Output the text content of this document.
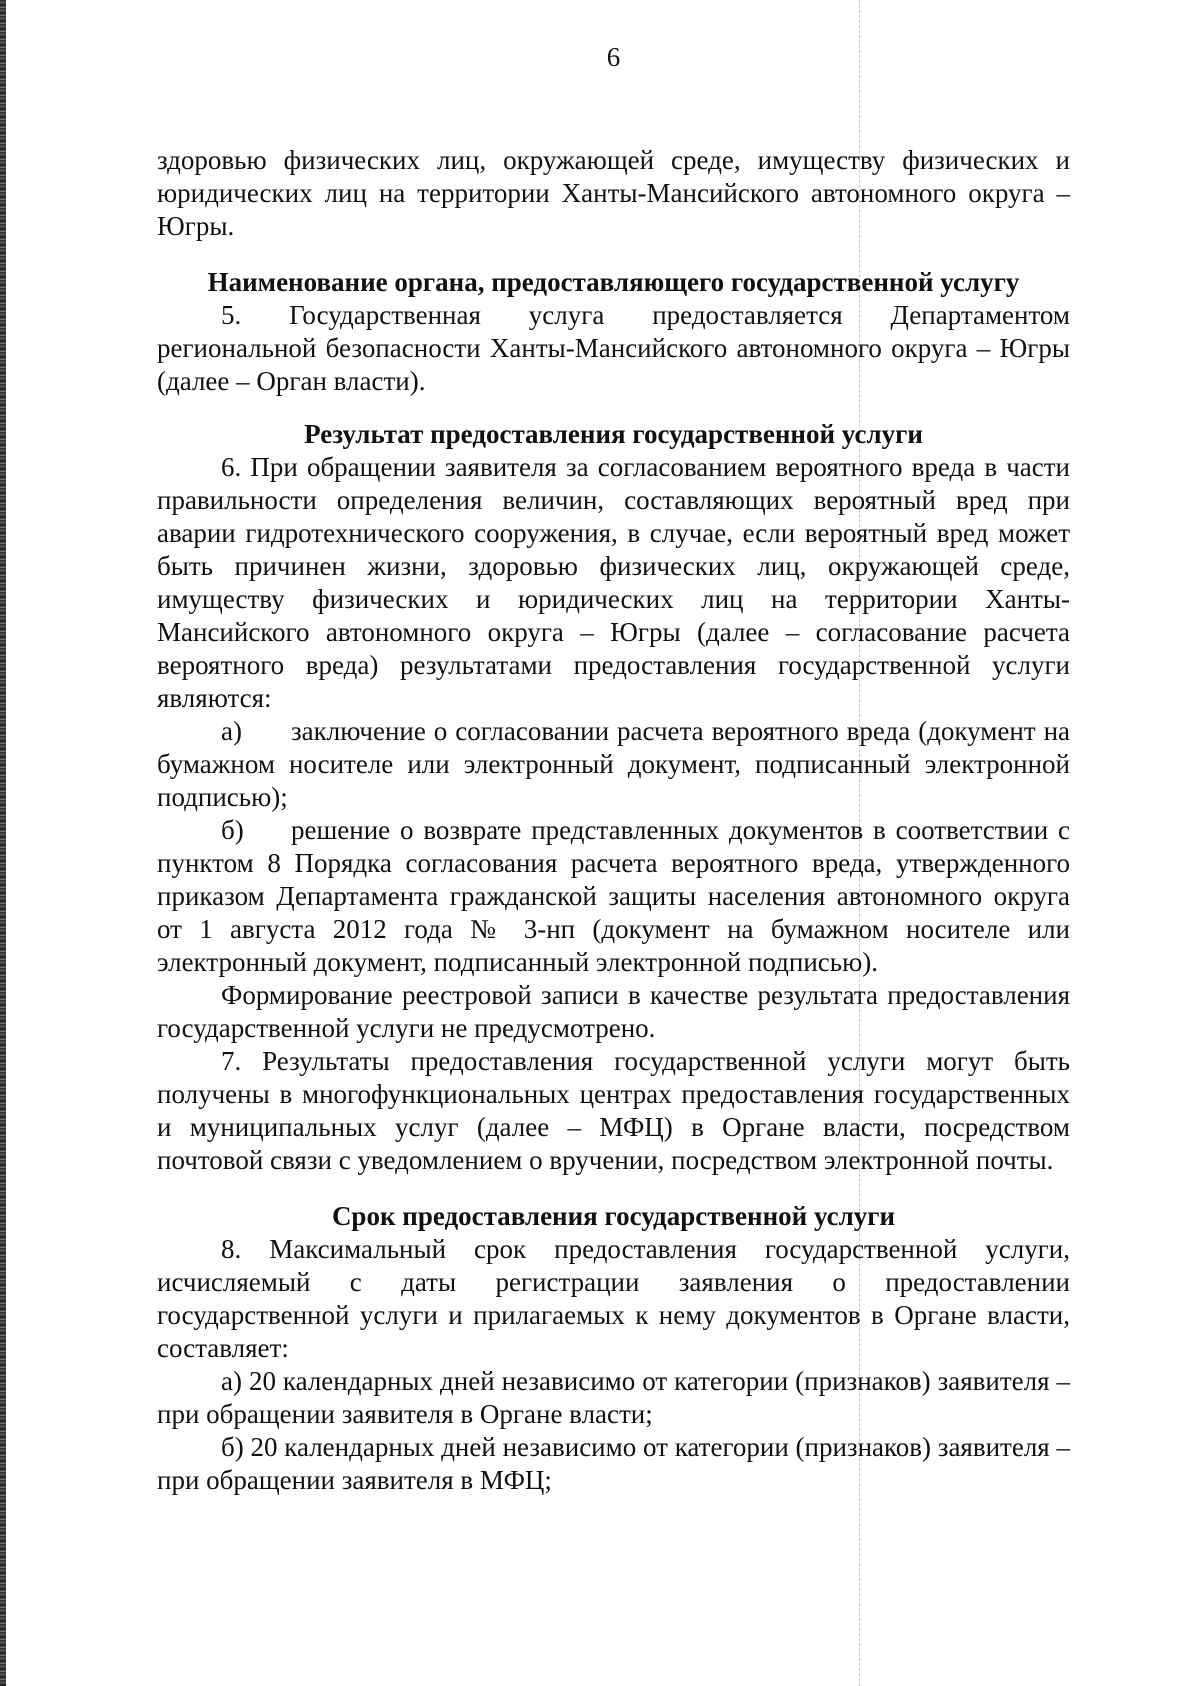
6

здоровью физических лиц, окружающей среде, имуществу физических и юридических лиц на территории Ханты-Мансийского автономного округа – Югры.

Наименование органа, предоставляющего государственной услугу

5. Государственная услуга предоставляется Департаментом региональной безопасности Ханты-Мансийского автономного округа – Югры (далее – Орган власти).

Результат предоставления государственной услуги

6. При обращении заявителя за согласованием вероятного вреда в части правильности определения величин, составляющих вероятный вред при аварии гидротехнического сооружения, в случае, если вероятный вред может быть причинен жизни, здоровью физических лиц, окружающей среде, имуществу физических и юридических лиц на территории Ханты-Мансийского автономного округа – Югры (далее – согласование расчета вероятного вреда) результатами предоставления государственной услуги являются:

а) заключение о согласовании расчета вероятного вреда (документ на бумажном носителе или электронный документ, подписанный электронной подписью);

б) решение о возврате представленных документов в соответствии с пунктом 8 Порядка согласования расчета вероятного вреда, утвержденного приказом Департамента гражданской защиты населения автономного округа от 1 августа 2012 года № 3-нп (документ на бумажном носителе или электронный документ, подписанный электронной подписью).

Формирование реестровой записи в качестве результата предоставления государственной услуги не предусмотрено.

7. Результаты предоставления государственной услуги могут быть получены в многофункциональных центрах предоставления государственных и муниципальных услуг (далее – МФЦ) в Органе власти, посредством почтовой связи с уведомлением о вручении, посредством электронной почты.

Срок предоставления государственной услуги

8. Максимальный срок предоставления государственной услуги, исчисляемый с даты регистрации заявления о предоставлении государственной услуги и прилагаемых к нему документов в Органе власти, составляет:

а) 20 календарных дней независимо от категории (признаков) заявителя – при обращении заявителя в Органе власти;

б) 20 календарных дней независимо от категории (признаков) заявителя – при обращении заявителя в МФЦ;
